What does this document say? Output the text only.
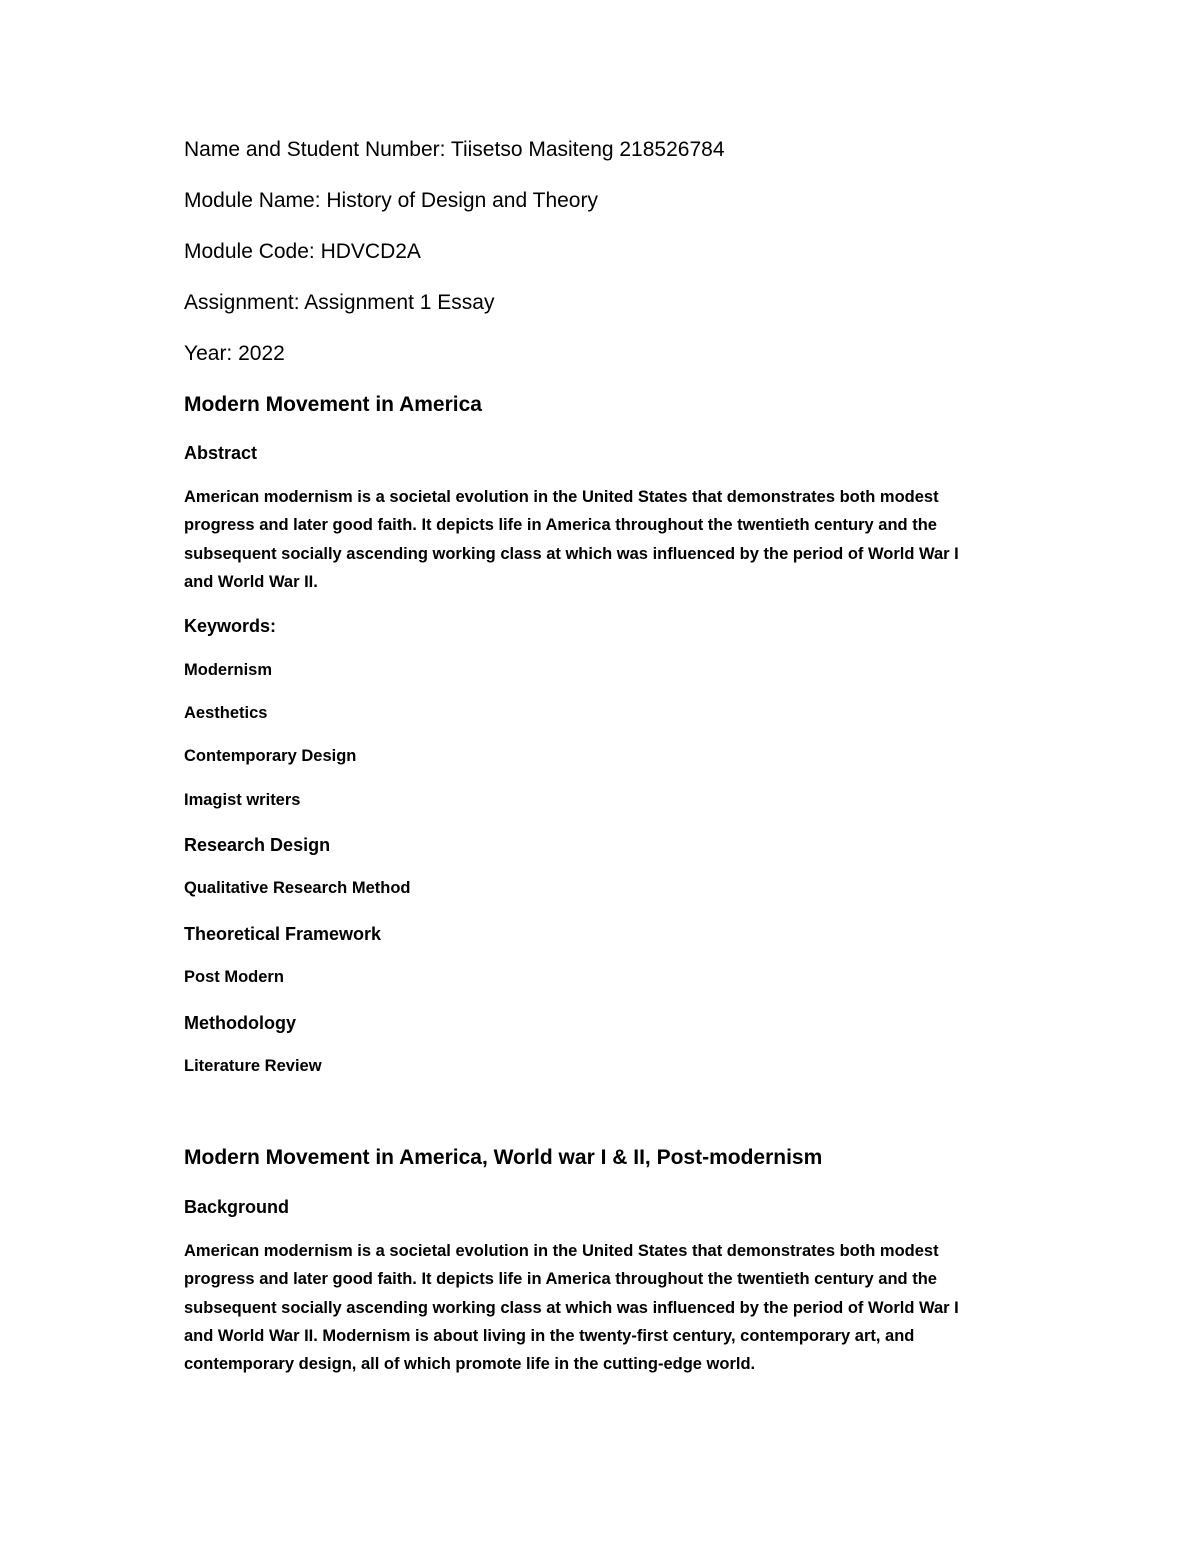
Name and Student Number: Tiisetso Masiteng 218526784

Module Name: History of Design and Theory

Module Code: HDVCD2A

Assignment: Assignment 1 Essay

Year: 2022

Modern Movement in America
Abstract
American modernism is a societal evolution in the United States that demonstrates both modest
progress and later good faith. It depicts life in America throughout the twentieth century and the
subsequent socially ascending working class at which was influenced by the period of World War I
and World War II.
Keywords:

Modernism

Aesthetics

Contemporary Design

Imagist writers

Research Design

Qualitative Research Method

Theoretical Framework

Post Modern

Methodology

Literature Review

Modern Movement in America, World war I & II, Post-modernism
Background
American modernism is a societal evolution in the United States that demonstrates both modest
progress and later good faith. It depicts life in America throughout the twentieth century and the
subsequent socially ascending working class at which was influenced by the period of World War I
and World War II. Modernism is about living in the twenty-first century, contemporary art, and
contemporary design, all of which promote life in the cutting-edge world.
